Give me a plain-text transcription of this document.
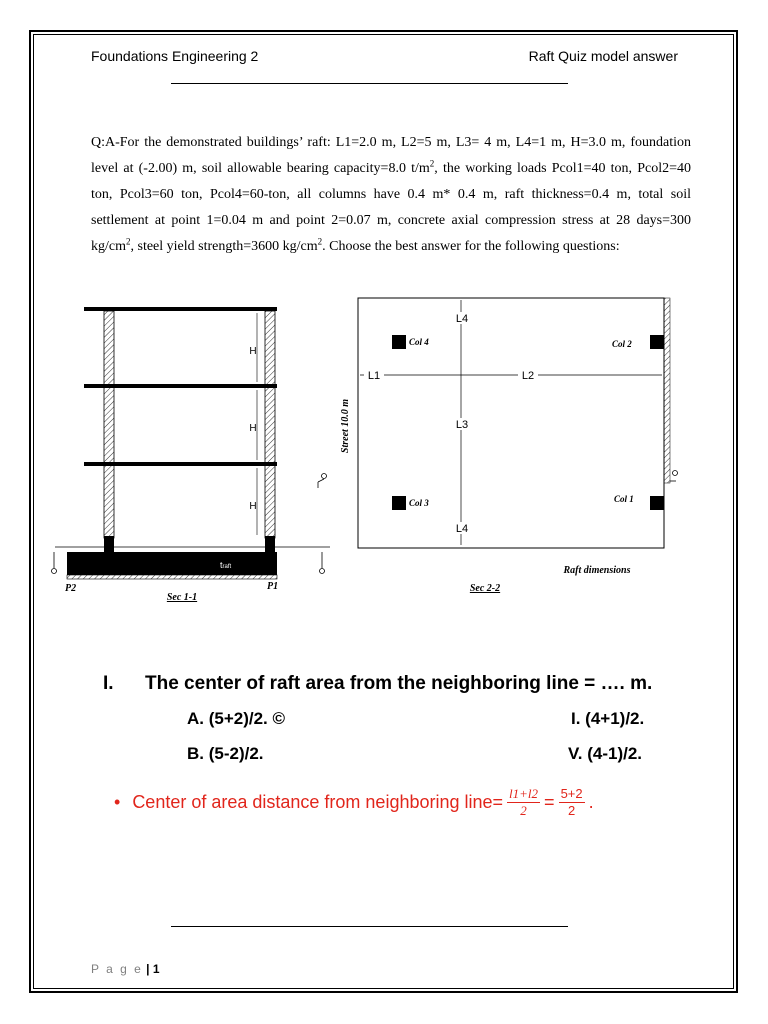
Foundations Engineering 2	Raft Quiz model answer
Q:A-For the demonstrated buildings’ raft: L1=2.0 m, L2=5 m, L3= 4 m, L4=1 m, H=3.0 m, foundation level at (-2.00) m, soil allowable bearing capacity=8.0 $t/m^2$, the working loads Pcol1=40 ton, Pcol2=40 ton, Pcol3=60 ton, Pcol4=60-ton, all columns have 0.4 m* 0.4 m, raft thickness=0.4 m, total soil settlement at point 1=0.04 m and point 2=0.07 m, concrete axial compression stress at 28 days=300 $kg/cm^2$, steel yield strength=3600 $kg/cm^2$. Choose the best answer for the following questions:
H
H
H
traft
P2	P1
Sec 1-1
Col 4	Col 2
Col 3	Col 1
L4
L1	L2
L3
L4
Street 10.0 m
Raft dimensions
Sec 2-2
I. The center of raft area from the neighboring line = …. m.
A. (5+2)/2. ©
B. (5-2)/2.
I. (4+1)/2.
V. (4-1)/2.
• Center of area distance from neighboring line= $\frac{l1+l2}{2} = \frac{5+2}{2}$ .
P a g e | 1
